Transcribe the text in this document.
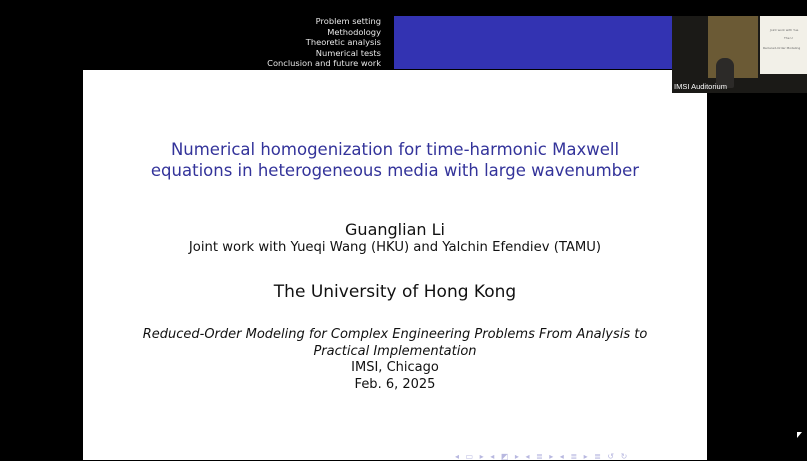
Problem setting
Methodology
Theoretic analysis
Numerical tests
Conclusion and future work
Numerical homogenization for time-harmonic Maxwell
equations in heterogeneous media with large wavenumber
Guanglian Li
Joint work with Yueqi Wang (HKU) and Yalchin Efendiev (TAMU)
The University of Hong Kong
Reduced-Order Modeling for Complex Engineering Problems From Analysis to
Practical Implementation
IMSI, Chicago
Feb. 6, 2025
◂ ▭ ▸ ◂ ◩ ▸ ◂ ≣ ▸ ◂ ≣ ▸ ≣ ↺ ↻
Joint work with Yue
The U
Reduced-Order Modeling
IMSI Auditorium
